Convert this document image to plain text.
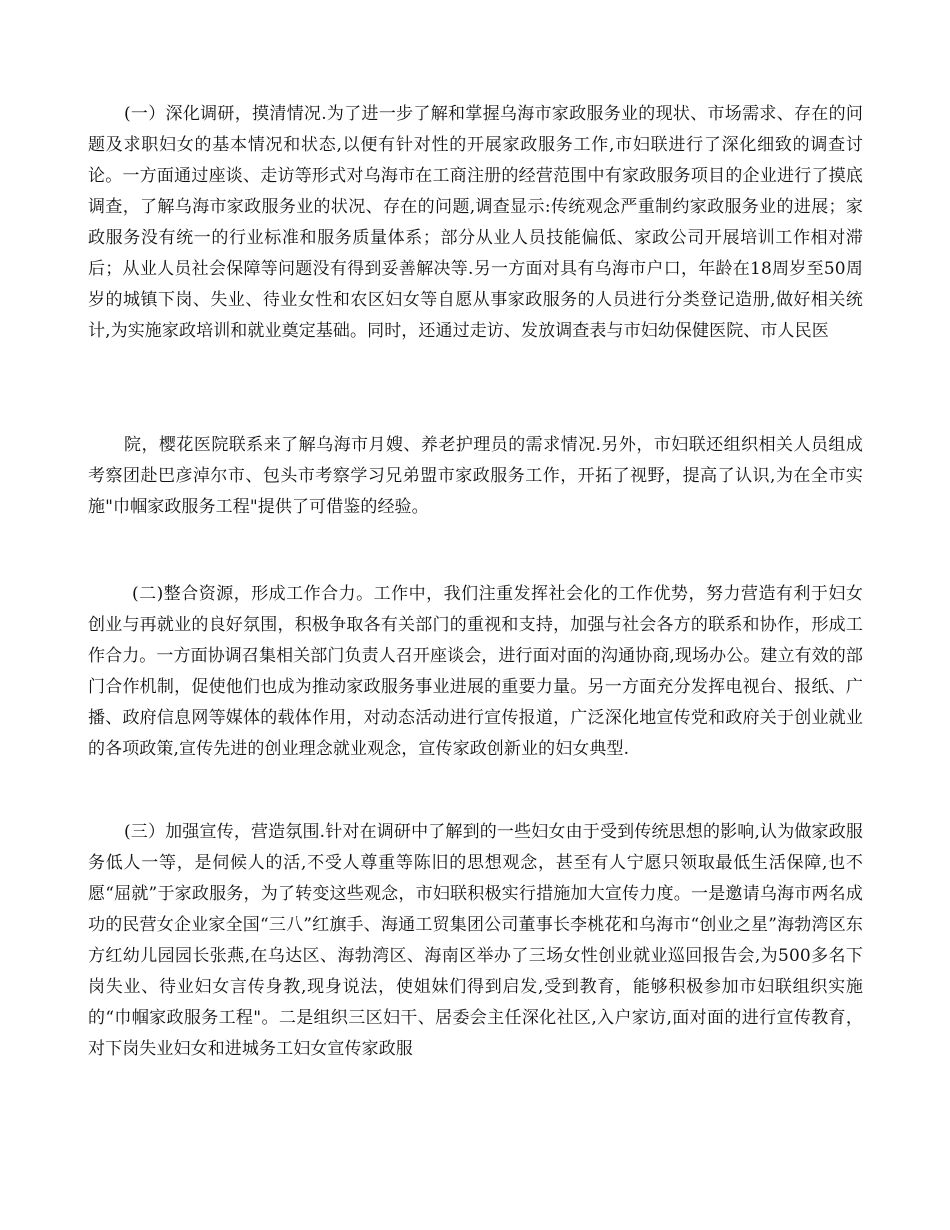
(一）深化调研，摸清情况.为了进一步了解和掌握乌海市家政服务业的现状、市场需求、存在的问题及求职妇女的基本情况和状态,以便有针对性的开展家政服务工作,市妇联进行了深化细致的调查讨论。一方面通过座谈、走访等形式对乌海市在工商注册的经营范围中有家政服务项目的企业进行了摸底调查，了解乌海市家政服务业的状况、存在的问题,调查显示:传统观念严重制约家政服务业的进展；家政服务没有统一的行业标准和服务质量体系；部分从业人员技能偏低、家政公司开展培训工作相对滞后；从业人员社会保障等问题没有得到妥善解决等.另一方面对具有乌海市户口，年龄在18周岁至50周岁的城镇下岗、失业、待业女性和农区妇女等自愿从事家政服务的人员进行分类登记造册,做好相关统计,为实施家政培训和就业奠定基础。同时，还通过走访、发放调查表与市妇幼保健医院、市人民医

院，樱花医院联系来了解乌海市月嫂、养老护理员的需求情况.另外，市妇联还组织相关人员组成考察团赴巴彦淖尔市、包头市考察学习兄弟盟市家政服务工作，开拓了视野，提高了认识,为在全市实施"巾帼家政服务工程"提供了可借鉴的经验。

(二)整合资源，形成工作合力。工作中，我们注重发挥社会化的工作优势，努力营造有利于妇女创业与再就业的良好氛围，积极争取各有关部门的重视和支持，加强与社会各方的联系和协作，形成工作合力。一方面协调召集相关部门负责人召开座谈会，进行面对面的沟通协商,现场办公。建立有效的部门合作机制，促使他们也成为推动家政服务事业进展的重要力量。另一方面充分发挥电视台、报纸、广播、政府信息网等媒体的载体作用，对动态活动进行宣传报道，广泛深化地宣传党和政府关于创业就业的各项政策,宣传先进的创业理念就业观念，宣传家政创新业的妇女典型.

(三）加强宣传，营造氛围.针对在调研中了解到的一些妇女由于受到传统思想的影响,认为做家政服务低人一等，是伺候人的活,不受人尊重等陈旧的思想观念，甚至有人宁愿只领取最低生活保障,也不愿“屈就”于家政服务，为了转变这些观念，市妇联积极实行措施加大宣传力度。一是邀请乌海市两名成功的民营女企业家全国“三八”红旗手、海通工贸集团公司董事长李桃花和乌海市“创业之星”海勃湾区东方红幼儿园园长张燕,在乌达区、海勃湾区、海南区举办了三场女性创业就业巡回报告会,为500多名下岗失业、待业妇女言传身教,现身说法，使姐妹们得到启发,受到教育，能够积极参加市妇联组织实施的“巾帼家政服务工程"。二是组织三区妇干、居委会主任深化社区,入户家访,面对面的进行宣传教育，对下岗失业妇女和进城务工妇女宣传家政服
